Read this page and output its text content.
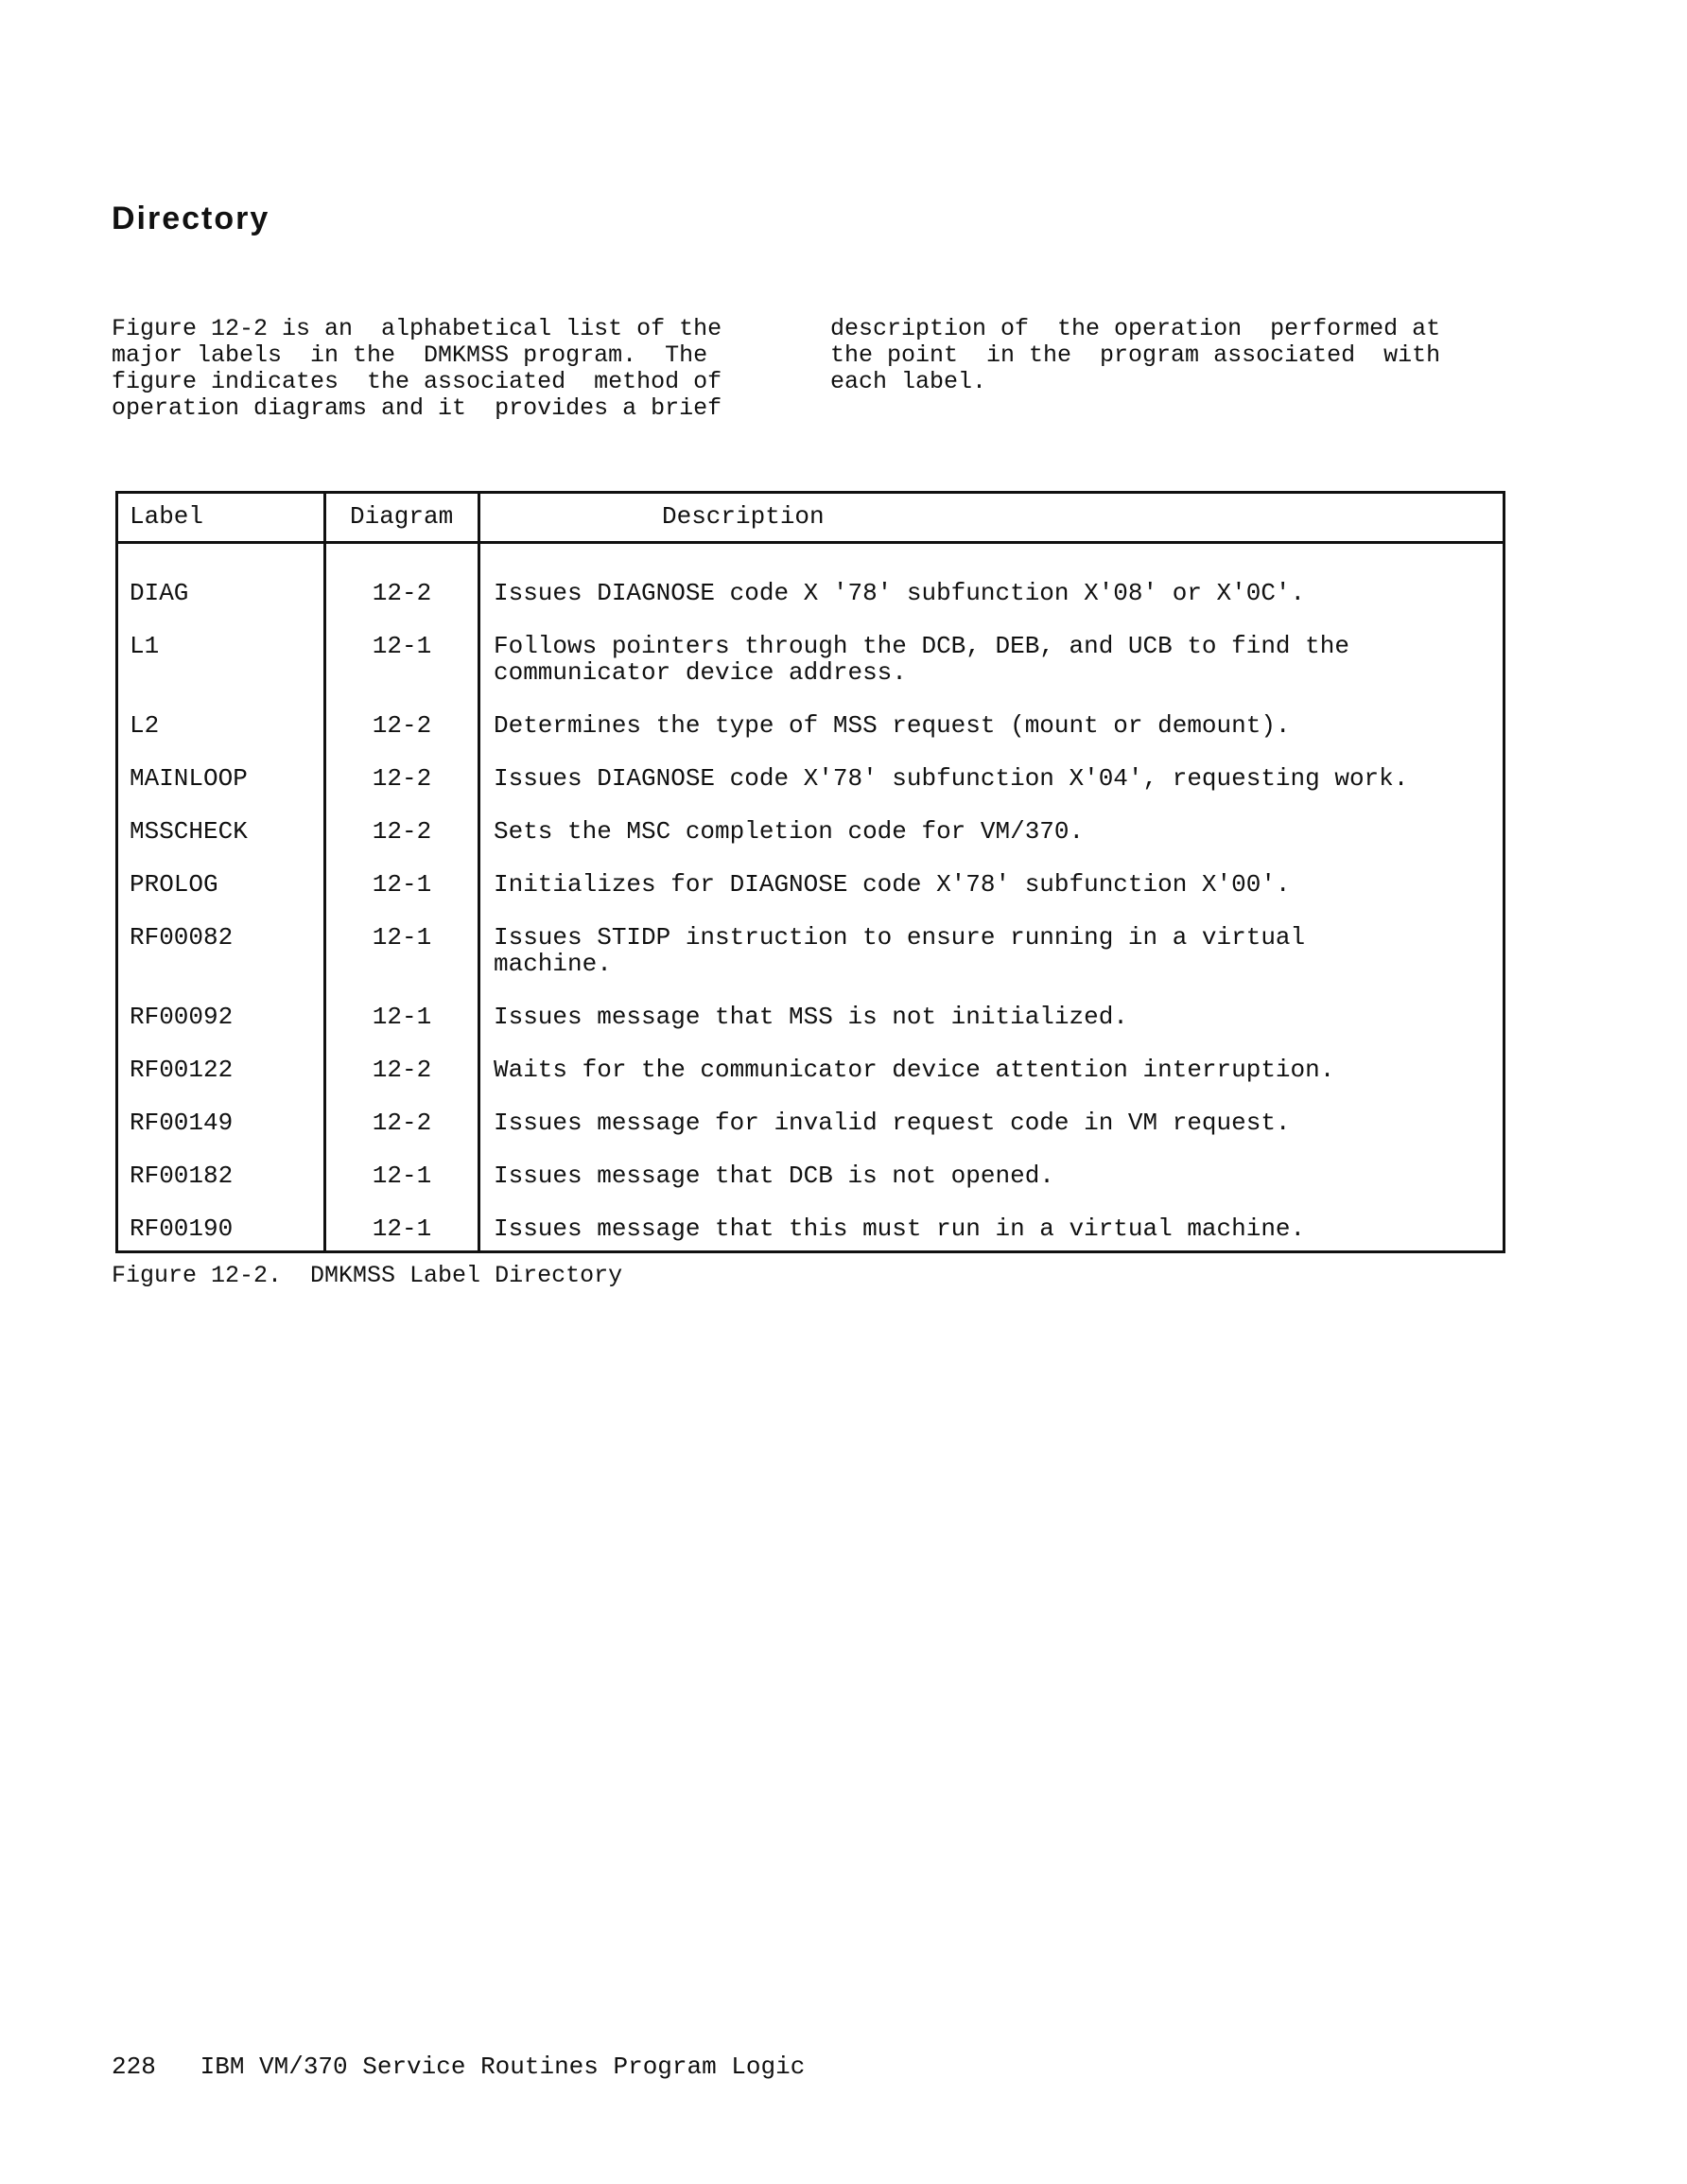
Directory
Figure 12-2 is an  alphabetical list of the
major labels  in the  DMKMSS program.  The
figure indicates  the associated  method of
operation diagrams and it  provides a brief
description of  the operation  performed at
the point  in the  program associated  with
each label.
Label	Diagram	Description
DIAG	12-2	Issues DIAGNOSE code X '78' subfunction X'08' or X'0C'.
L1	12-1	Follows pointers through the DCB, DEB, and UCB to find the communicator device address.
L2	12-2	Determines the type of MSS request (mount or demount).
MAINLOOP	12-2	Issues DIAGNOSE code X'78' subfunction X'04', requesting work.
MSSCHECK	12-2	Sets the MSC completion code for VM/370.
PROLOG	12-1	Initializes for DIAGNOSE code X'78' subfunction X'00'.
RF00082	12-1	Issues STIDP instruction to ensure running in a virtual machine.
RF00092	12-1	Issues message that MSS is not initialized.
RF00122	12-2	Waits for the communicator device attention interruption.
RF00149	12-2	Issues message for invalid request code in VM request.
RF00182	12-1	Issues message that DCB is not opened.
RF00190	12-1	Issues message that this must run in a virtual machine.
Figure 12-2.  DMKMSS Label Directory
228   IBM VM/370 Service Routines Program Logic
